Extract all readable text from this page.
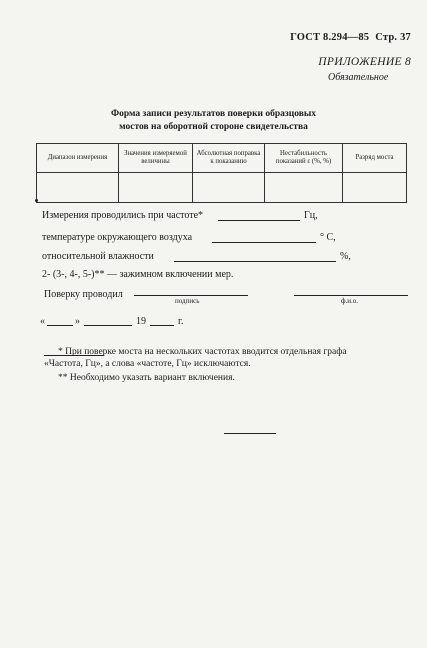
ГОСТ 8.294—85 Стр. 37
ПРИЛОЖЕНИЕ 8
Обязательное
Форма записи результатов поверки образцовых
мостов на оборотной стороне свидетельства
Диапазон измерения	Значения измеряемой величины	Абсолютная поправка к показанию	Нестабильность показаний ε (%, %)	Разряд моста

Измерения проводились при частоте*	Гц,
температуре окружающего воздуха	° С,
относительной влажности	%,
2- (3-, 4-, 5-)** — зажимном включении мер.
Поверку проводил
подпись	ф.и.о.
«	»	19	г.
* При поверке моста на нескольких частотах вводится отдельная графа
«Частота, Гц», а слова «частоте, Гц» исключаются.
** Необходимо указать вариант включения.
